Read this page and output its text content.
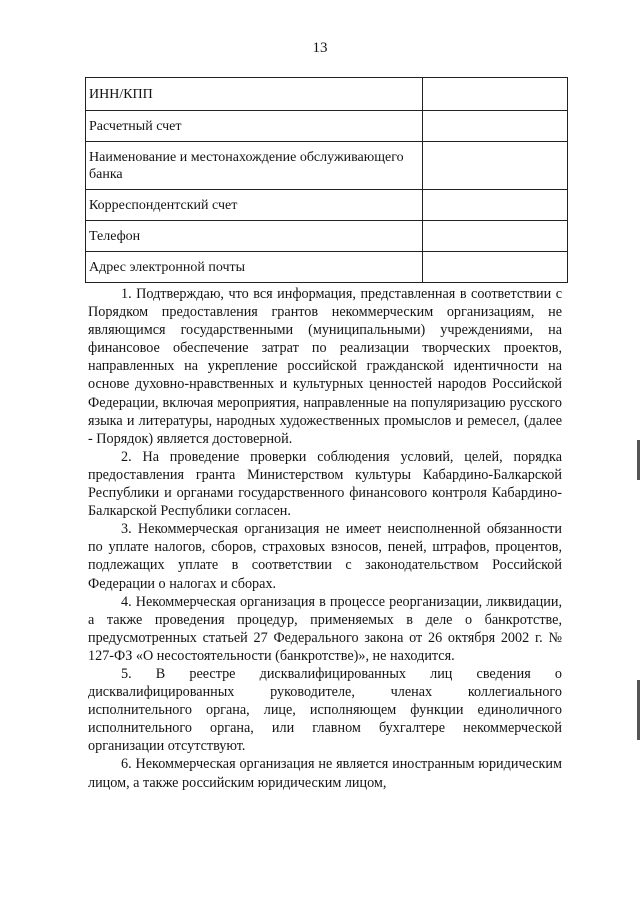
13
ИНН/КПП	
Расчетный счет	
Наименование и местонахождение обслуживающего банка	
Корреспондентский счет	
Телефон	
Адрес электронной почты	

1. Подтверждаю, что вся информация, представленная в соответствии с Порядком предоставления грантов некоммерческим организациям, не являющимся государственными (муниципальными) учреждениями, на финансовое обеспечение затрат по реализации творческих проектов, направленных на укрепление российской гражданской идентичности на основе духовно-нравственных и культурных ценностей народов Российской Федерации, включая мероприятия, направленные на популяризацию русского языка и литературы, народных художественных промыслов и ремесел, (далее - Порядок) является достоверной.

2. На проведение проверки соблюдения условий, целей, порядка предоставления гранта Министерством культуры Кабардино-Балкарской Республики и органами государственного финансового контроля Кабардино-Балкарской Республики согласен.

3. Некоммерческая организация не имеет неисполненной обязанности по уплате налогов, сборов, страховых взносов, пеней, штрафов, процентов, подлежащих уплате в соответствии с законодательством Российской Федерации о налогах и сборах.

4. Некоммерческая организация в процессе реорганизации, ликвидации, а также проведения процедур, применяемых в деле о банкротстве, предусмотренных статьей 27 Федерального закона от 26 октября 2002 г. № 127-ФЗ «О несостоятельности (банкротстве)», не находится.

5. В реестре дисквалифицированных лиц сведения о дисквалифицированных руководителе, членах коллегиального исполнительного органа, лице, исполняющем функции единоличного исполнительного органа, или главном бухгалтере некоммерческой организации отсутствуют.

6. Некоммерческая организация не является иностранным юридическим лицом, а также российским юридическим лицом,
